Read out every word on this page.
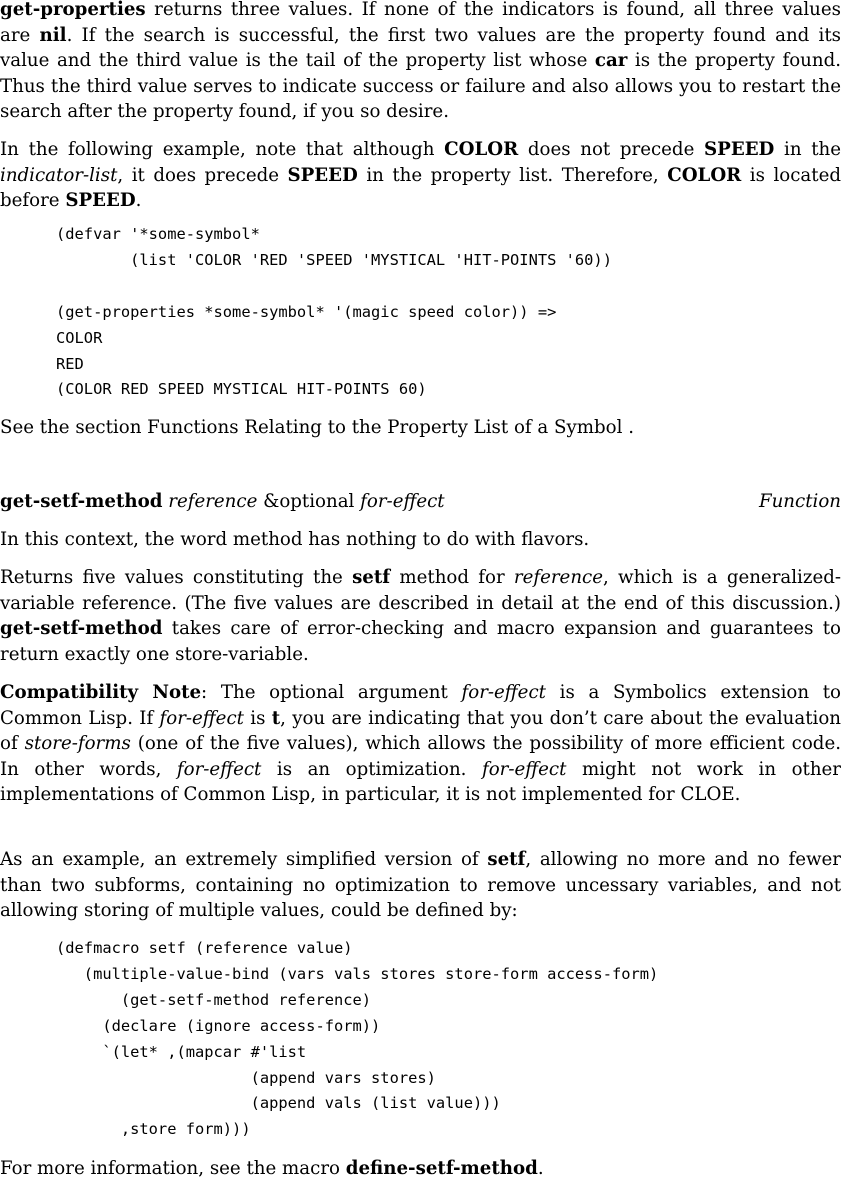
get-properties returns three values. If none of the indicators is found, all three values are nil. If the search is successful, the first two values are the property found and its value and the third value is the tail of the property list whose car is the property found. Thus the third value serves to indicate success or failure and also allows you to restart the search after the property found, if you so desire.

In the following example, note that although COLOR does not precede SPEED in the indicator-list, it does precede SPEED in the property list. Therefore, COLOR is located before SPEED.

(defvar '*some-symbol*
(list 'COLOR 'RED 'SPEED 'MYSTICAL 'HIT-POINTS '60))

(get-properties *some-symbol* '(magic speed color)) =>
COLOR
RED
(COLOR RED SPEED MYSTICAL HIT-POINTS 60)

See the section Functions Relating to the Property List of a Symbol .

get-setf-method reference &optional for-effect	Function

In this context, the word method has nothing to do with flavors.

Returns five values constituting the setf method for reference, which is a generalized-variable reference. (The five values are described in detail at the end of this discussion.) get-setf-method takes care of error-checking and macro expansion and guarantees to return exactly one store-variable.

Compatibility Note: The optional argument for-effect is a Symbolics extension to Common Lisp. If for-effect is t, you are indicating that you don’t care about the evaluation of store-forms (one of the five values), which allows the possibility of more efficient code. In other words, for-effect is an optimization. for-effect might not work in other implementations of Common Lisp, in particular, it is not implemented for CLOE.

As an example, an extremely simplified version of setf, allowing no more and no fewer than two subforms, containing no optimization to remove uncessary variables, and not allowing storing of multiple values, could be defined by:

(defmacro setf (reference value)
(multiple-value-bind (vars vals stores store-form access-form)
(get-setf-method reference)
(declare (ignore access-form))
`(let* ,(mapcar #'list
(append vars stores)
(append vals (list value)))
,store form)))

For more information, see the macro define-setf-method.
